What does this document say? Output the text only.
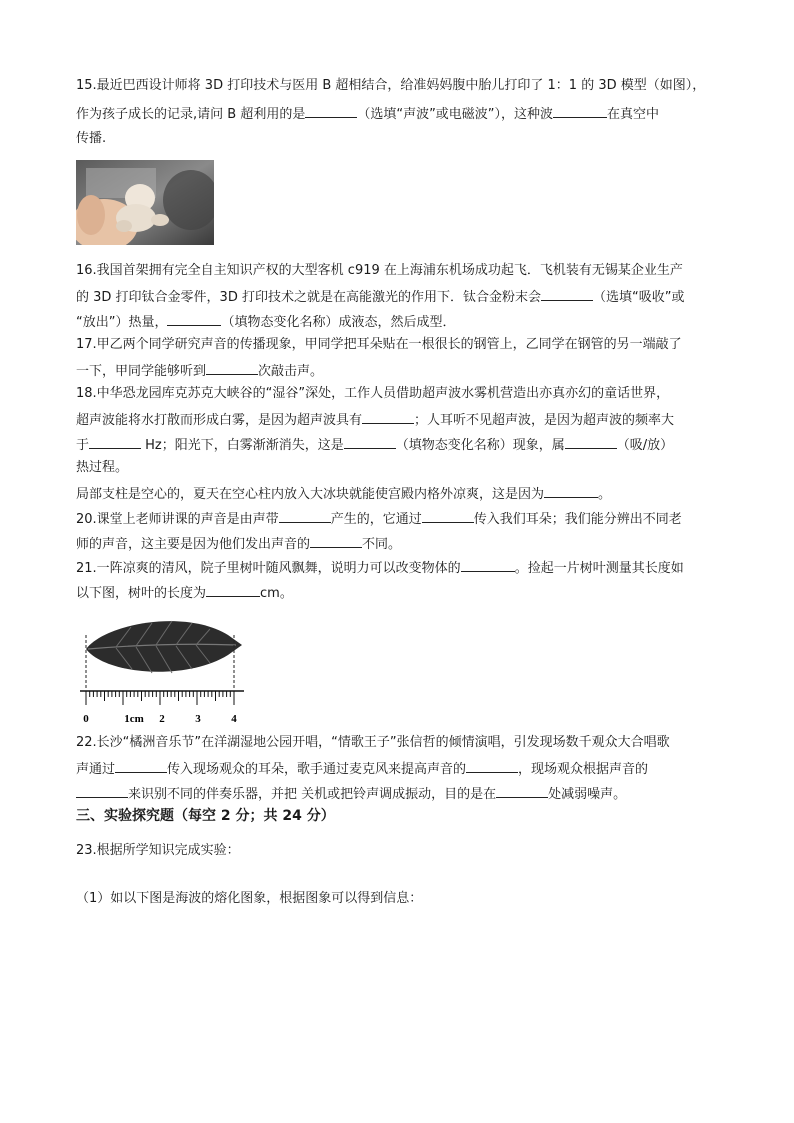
15.最近巴西设计师将 3D 打印技术与医用 B 超相结合，给准妈妈腹中胎儿打印了 1：1 的 3D 模型（如图），
作为孩子成长的记录,请问 B 超利用的是	（选填“声波”或电磁波”），这种波	在真空中
传播.
16.我国首架拥有完全自主知识产权的大型客机 c919 在上海浦东机场成功起飞．飞机装有无锡某企业生产
的 3D 打印钛合金零件，3D 打印技术之就是在高能激光的作用下．钛合金粉末会	（选填“吸收”或
“放出”）热量，	（填物态变化名称）成液态，然后成型．
17.甲乙两个同学研究声音的传播现象，甲同学把耳朵贴在一根很长的钢管上，乙同学在钢管的另一端敲了
一下，甲同学能够听到	次敲击声。
18.中华恐龙园库克苏克大峡谷的“湿谷”深处，工作人员借助超声波水雾机营造出亦真亦幻的童话世界，
超声波能将水打散而形成白雾，是因为超声波具有	；人耳听不见超声波，是因为超声波的频率大
于	Hz；阳光下，白雾渐渐消失，这是	（填物态变化名称）现象，属	（吸/放）
热过程。
局部支柱是空心的，夏天在空心柱内放入大冰块就能使宫殿内格外凉爽，这是因为	。
20.课堂上老师讲课的声音是由声带	产生的，它通过	传入我们耳朵；我们能分辨出不同老
师的声音，这主要是因为他们发出声音的	不同。
21.一阵凉爽的清风，院子里树叶随风飘舞，说明力可以改变物体的	。捡起一片树叶测量其长度如
以下图，树叶的长度为	cm。
0	1cm 2	3	4
22.长沙“橘洲音乐节”在洋湖湿地公园开唱，“情歌王子”张信哲的倾情演唱，引发现场数千观众大合唱歌
声通过	传入现场观众的耳朵，歌手通过麦克风来提高声音的	，现场观众根据声音的
来识别不同的伴奏乐器，并把 关机或把铃声调成振动，目的是在	处减弱噪声。
三、实验探究题（每空 2 分；共 24 分）
23.根据所学知识完成实验：
（1）如以下图是海波的熔化图象，根据图象可以得到信息：
